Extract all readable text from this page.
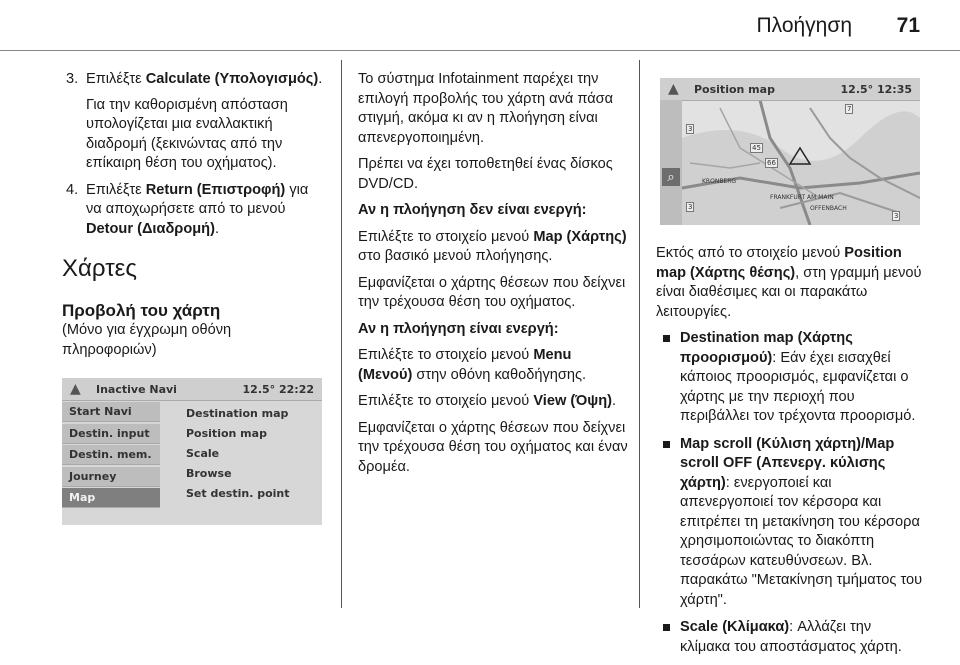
Πλοήγηση 71
3. Επιλέξτε Calculate (Υπολογισμός).

Για την καθορισμένη απόσταση υπολογίζεται μια εναλλακτική διαδρομή (ξεκινώντας από την επίκαιρη θέση του οχήματος).

4. Επιλέξτε Return (Επιστροφή) για να αποχωρήσετε από το μενού Detour (Διαδρομή).

Χάρτες
Προβολή του χάρτη

(Μόνο για έγχρωμη οθόνη πληροφοριών)

▲ Inactive Navi	12.5° 22:22
Start Navi
Destin. input
Destin. mem.
Journey
Map
Destination map
Position map
Scale
Browse
Set destin. point

Το σύστημα Infotainment παρέχει την επιλογή προβολής του χάρτη ανά πάσα στιγμή, ακόμα κι αν η πλοήγηση είναι απενεργοποιημένη.

Πρέπει να έχει τοποθετηθεί ένας δίσκος DVD/CD.

Αν η πλοήγηση δεν είναι ενεργή:

Επιλέξτε το στοιχείο μενού Map (Χάρτης) στο βασικό μενού πλοήγησης.

Εμφανίζεται ο χάρτης θέσεων που δείχνει την τρέχουσα θέση του οχήματος.

Αν η πλοήγηση είναι ενεργή:

Επιλέξτε το στοιχείο μενού Menu (Μενού) στην οθόνη καθοδήγησης.

Επιλέξτε το στοιχείο μενού View (Όψη).

Εμφανίζεται ο χάρτης θέσεων που δείχνει την τρέχουσα θέση του οχήματος και έναν δρομέα.

▲ Position map	12.5° 12:35
⌕	KRONBERG
FRANKFURT AM MAIN
OFFENBACH
7
3
66
45
3
3

Εκτός από το στοιχείο μενού Position map (Χάρτης θέσης), στη γραμμή μενού είναι διαθέσιμες και οι παρακάτω λειτουργίες.

Destination map (Χάρτης προορισμού): Εάν έχει εισαχθεί κάποιος προορισμός, εμφανίζεται ο χάρτης με την περιοχή που περιβάλλει τον τρέχοντα προορισμό.
Map scroll (Κύλιση χάρτη)/Map scroll OFF (Απενεργ. κύλισης χάρτη): ενεργοποιεί και απενεργοποιεί τον κέρσορα και επιτρέπει τη μετακίνηση του κέρσορα χρησιμοποιώντας το διακόπτη τεσσάρων κατευθύνσεων. Βλ. παρακάτω "Μετακίνηση τμήματος του χάρτη".
Scale (Κλίμακα): Αλλάζει την κλίμακα του αποστάσματος χάρτη.
